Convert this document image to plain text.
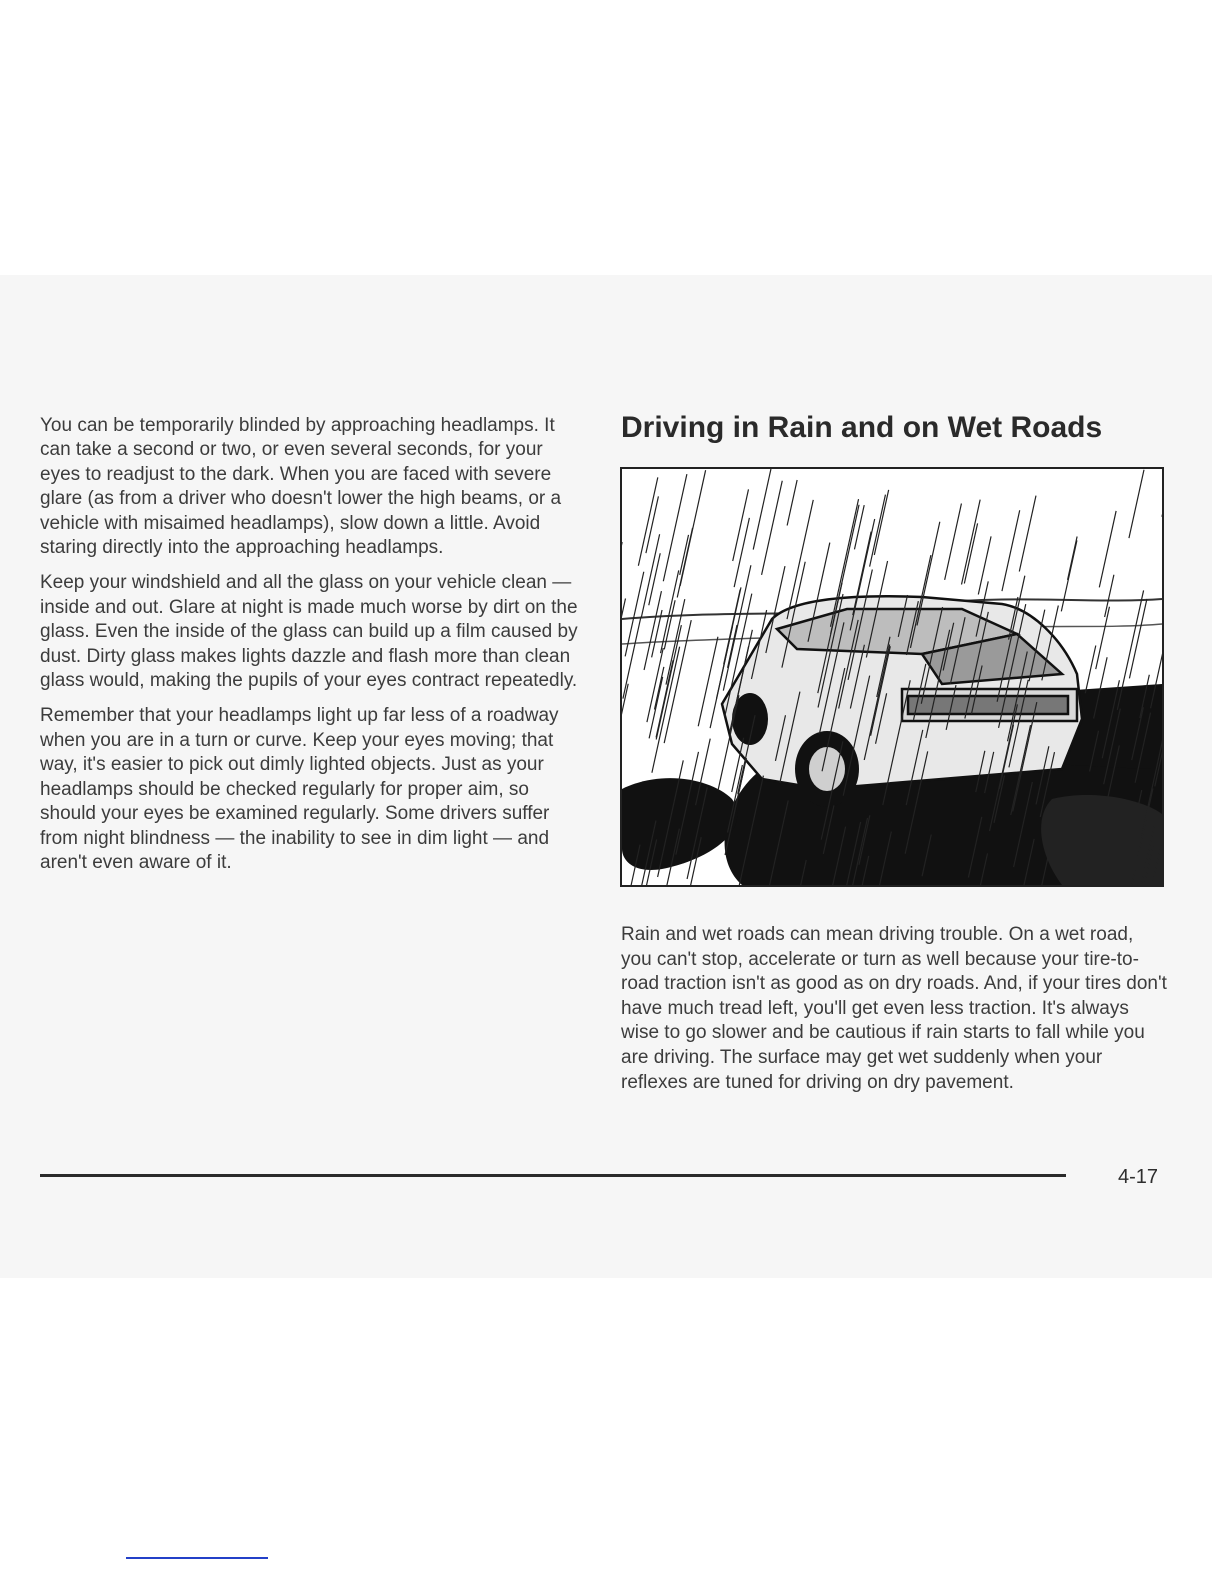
You can be temporarily blinded by approaching headlamps. It can take a second or two, or even several seconds, for your eyes to readjust to the dark. When you are faced with severe glare (as from a driver who doesn't lower the high beams, or a vehicle with misaimed headlamps), slow down a little. Avoid staring directly into the approaching headlamps.

Keep your windshield and all the glass on your vehicle clean — inside and out. Glare at night is made much worse by dirt on the glass. Even the inside of the glass can build up a film caused by dust. Dirty glass makes lights dazzle and flash more than clean glass would, making the pupils of your eyes contract repeatedly.

Remember that your headlamps light up far less of a roadway when you are in a turn or curve. Keep your eyes moving; that way, it's easier to pick out dimly lighted objects. Just as your headlamps should be checked regularly for proper aim, so should your eyes be examined regularly. Some drivers suffer from night blindness — the inability to see in dim light — and aren't even aware of it.

Driving in Rain and on Wet Roads

Rain and wet roads can mean driving trouble. On a wet road, you can't stop, accelerate or turn as well because your tire-to-road traction isn't as good as on dry roads. And, if your tires don't have much tread left, you'll get even less traction. It's always wise to go slower and be cautious if rain starts to fall while you are driving. The surface may get wet suddenly when your reflexes are tuned for driving on dry pavement.

4-17
